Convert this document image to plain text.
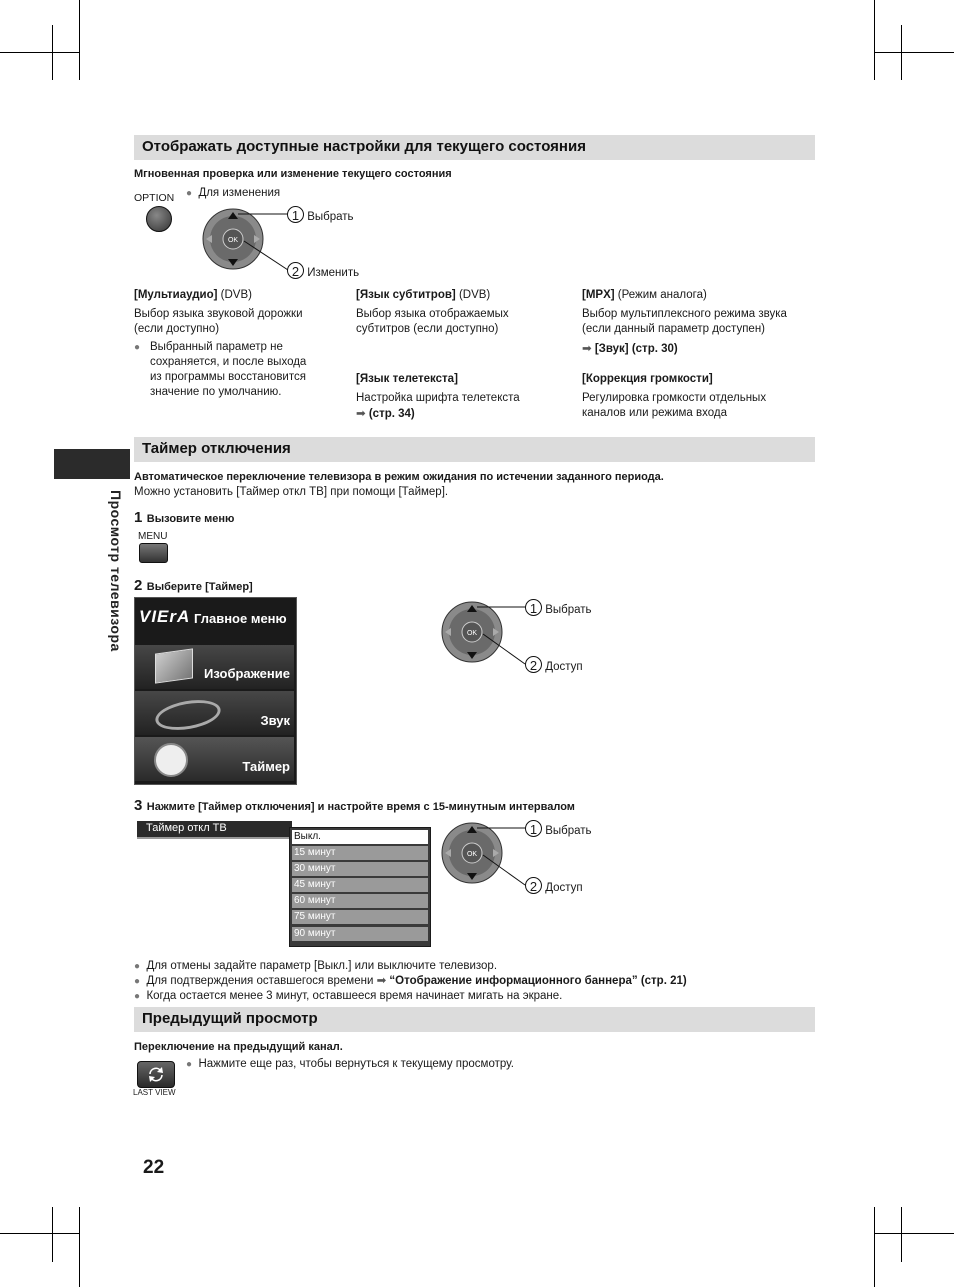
Просмотр телевизора
Отображать доступные настройки для текущего состояния
Мгновенная проверка или изменение текущего состояния
OPTION ● Для изменения
OK
1 Выбрать
2 Изменить
[Мультиаудио] (DVB)
Выбор языка звуковой дорожки
(если доступно)
● Выбранный параметр не
сохраняется, и после выхода
из программы восстановится
значение по умолчанию.
[Язык субтитров] (DVB)
Выбор языка отображаемых
субтитров (если доступно)
[Язык телетекста]
Настройка шрифта телетекста
➡ (стр. 34)
[MPX] (Режим аналога)
Выбор мультиплексного режима звука
(если данный параметр доступен)
➡ [Звук] (стр. 30)
[Коррекция громкости]
Регулировка громкости отдельных
каналов или режима входа
Таймер отключения
Автоматическое переключение телевизора в режим ожидания по истечении заданного периода.
Можно установить [Таймер откл ТВ] при помощи [Таймер].
1 Вызовите меню
MENU
2 Выберите [Таймер]
VIErA Главное меню
Изображение
Звук
Таймер
OK
1 Выбрать
2 Доступ
3 Нажмите [Таймер отключения] и настройте время с 15-минутным интервалом
Таймер откл ТВ
Выкл.
15 минут
30 минут
45 минут
60 минут
75 минут
90 минут
OK
1 Выбрать
2 Доступ
● Для отмены задайте параметр [Выкл.] или выключите телевизор.
● Для подтверждения оставшегося времени ➡ “Отображение информационного баннера” (стр. 21)
● Когда остается менее 3 минут, оставшееся время начинает мигать на экране.
Предыдущий просмотр
Переключение на предыдущий канал.
● Нажмите еще раз, чтобы вернуться к текущему просмотру.
LAST VIEW
22
